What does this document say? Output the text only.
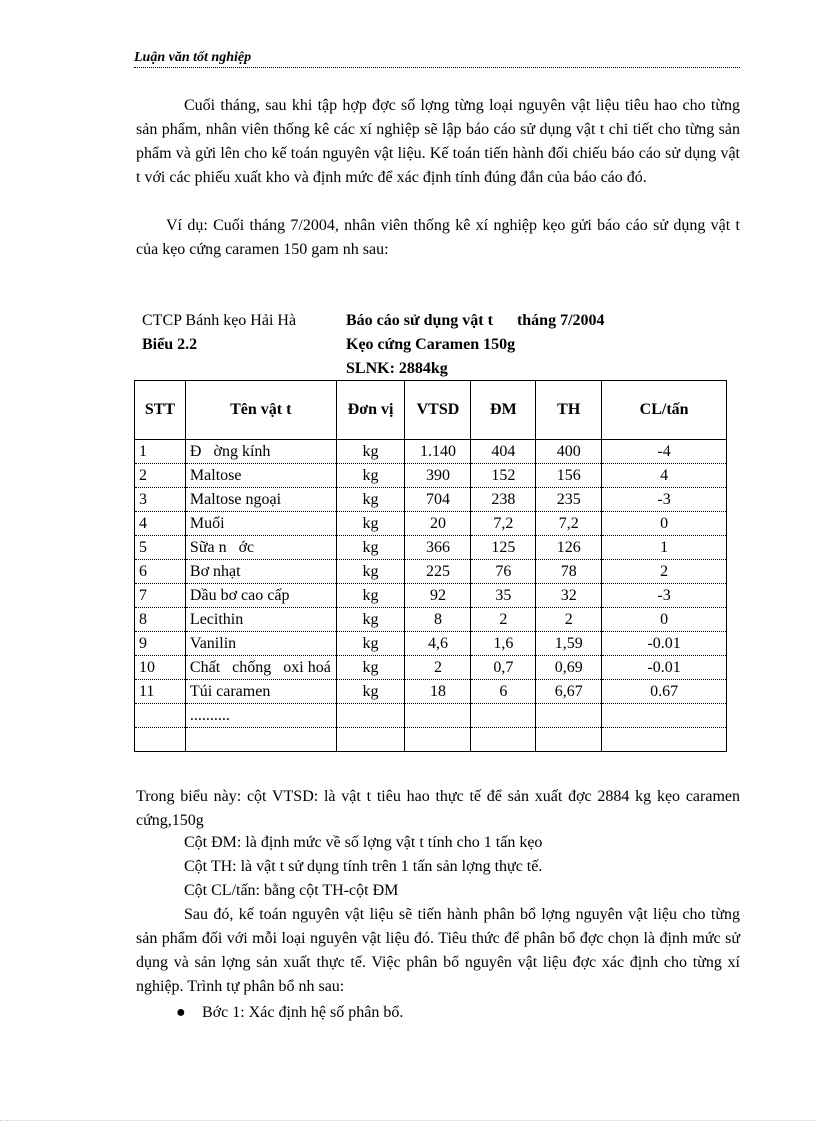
Luận văn tốt nghiệp

Cuối tháng, sau khi tập hợp đợc số lợng từng loại nguyên vật liệu tiêu hao cho từng sản phẩm, nhân viên thống kê các xí nghiệp sẽ lập báo cáo sử dụng vật t chi tiết cho từng sản phẩm và gửi lên cho kế toán nguyên vật liệu. Kế toán tiến hành đối chiếu báo cáo sử dụng vật t với các phiếu xuất kho và định mức để xác định tính đúng đắn của báo cáo đó.

Ví dụ: Cuối tháng 7/2004, nhân viên thống kê xí nghiệp kẹo gửi báo cáo sử dụng vật t của kẹo cứng caramen 150 gam nh sau:

CTCP Bánh kẹo Hải Hà
Biểu 2.2
Báo cáo sử dụng vật t      tháng 7/2004
Kẹo cứng Caramen 150g
SLNK: 2884kg
STT	Tên vật t	Đơn vị	VTSD	ĐM	TH	CL/tấn
1	Đ   ờng kính	kg	1.140	404	400	-4
2	Maltose	kg	390	152	156	4
3	Maltose ngoại	kg	704	238	235	-3
4	Muối	kg	20	7,2	7,2	0
5	Sữa n   ớc	kg	366	125	126	1
6	Bơ nhạt	kg	225	76	78	2
7	Dầu bơ cao cấp	kg	92	35	32	-3
8	Lecithin	kg	8	2	2	0
9	Vanilin	kg	4,6	1,6	1,59	-0.01
10	Chất   chống   oxi hoá	kg	2	0,7	0,69	-0.01
11	Túi caramen	kg	18	6	6,67	0.67
	..........					

Trong biểu này: cột VTSD: là vật t tiêu hao thực tế để sản xuất đợc 2884 kg kẹo caramen cứng,150g

Cột ĐM: là định mức về số lợng vật t tính cho 1 tấn kẹo

Cột TH: là vật t sử dụng tính trên 1 tấn sản lợng thực tế.

Cột CL/tấn: bằng cột TH-cột ĐM

Sau đó, kế toán nguyên vật liệu sẽ tiến hành phân bổ lợng nguyên vật liệu cho từng sản phẩm đối với mỗi loại nguyên vật liệu đó. Tiêu thức để phân bổ đợc chọn là định mức sử dụng và sản lợng sản xuất thực tế. Việc phân bổ nguyên vật liệu đợc xác định cho từng xí nghiệp. Trình tự phân bổ nh sau:

● Bớc 1: Xác định hệ số phân bổ.
